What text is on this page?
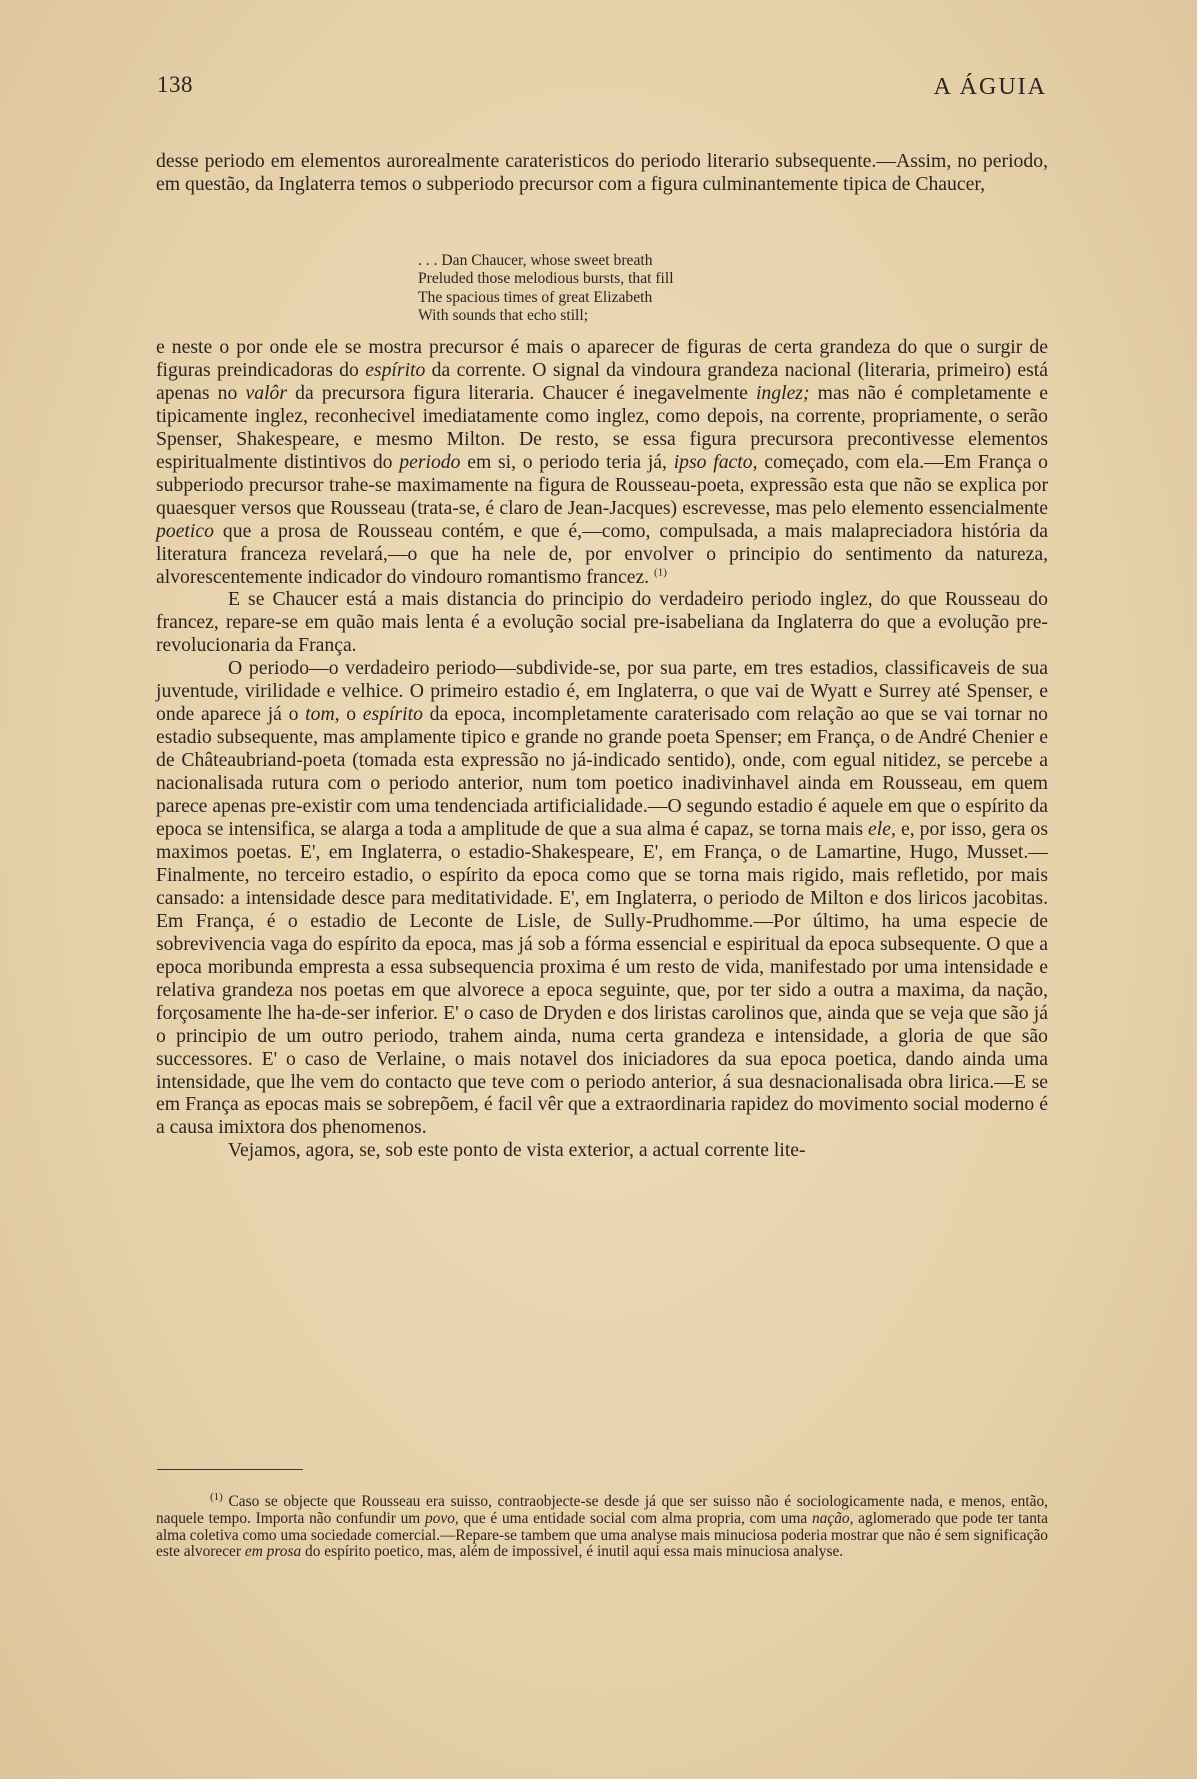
138	A ÁGUIA

desse periodo em elementos aurorealmente carateristicos do periodo literario subsequente.—Assim, no periodo, em questão, da Inglaterra temos o subperiodo precursor com a figura culminantemente tipica de Chaucer,

. . . Dan Chaucer, whose sweet breath
Preluded those melodious bursts, that fill
The spacious times of great Elizabeth
With sounds that echo still;

e neste o por onde ele se mostra precursor é mais o aparecer de figuras de certa grandeza do que o surgir de figuras preindicadoras do espírito da corrente. O signal da vindoura grandeza nacional (literaria, primeiro) está apenas no valôr da precursora figura literaria. Chaucer é inegavelmente inglez; mas não é completamente e tipicamente inglez, reconhecivel imediatamente como inglez, como depois, na corrente, propriamente, o serão Spenser, Shakespeare, e mesmo Milton. De resto, se essa figura precursora precontivesse elementos espiritualmente distintivos do periodo em si, o periodo teria já, ipso facto, começado, com ela.—Em França o subperiodo precursor trahe-se maximamente na figura de Rousseau-poeta, expressão esta que não se explica por quaesquer versos que Rousseau (trata-se, é claro de Jean-Jacques) escrevesse, mas pelo elemento essencialmente poetico que a prosa de Rousseau contém, e que é,—como, compulsada, a mais malapreciadora história da literatura franceza revelará,—o que ha nele de, por envolver o principio do sentimento da natureza, alvorescentemente indicador do vindouro romantismo francez. $^{(1)}$

E se Chaucer está a mais distancia do principio do verdadeiro periodo inglez, do que Rousseau do francez, repare-se em quão mais lenta é a evolução social pre-isabeliana da Inglaterra do que a evolução pre-revolucionaria da França.

O periodo—o verdadeiro periodo—subdivide-se, por sua parte, em tres estadios, classificaveis de sua juventude, virilidade e velhice. O primeiro estadio é, em Inglaterra, o que vai de Wyatt e Surrey até Spenser, e onde aparece já o tom, o espírito da epoca, incompletamente caraterisado com relação ao que se vai tornar no estadio subsequente, mas amplamente tipico e grande no grande poeta Spenser; em França, o de André Chenier e de Châteaubriand-poeta (tomada esta expressão no já-indicado sentido), onde, com egual nitidez, se percebe a nacionalisada rutura com o periodo anterior, num tom poetico inadivinhavel ainda em Rousseau, em quem parece apenas pre-existir com uma tendenciada artificialidade.—O segundo estadio é aquele em que o espírito da epoca se intensifica, se alarga a toda a amplitude de que a sua alma é capaz, se torna mais ele, e, por isso, gera os maximos poetas. E', em Inglaterra, o estadio-Shakespeare, E', em França, o de Lamartine, Hugo, Musset.—Finalmente, no terceiro estadio, o espírito da epoca como que se torna mais rigido, mais refletido, por mais cansado: a intensidade desce para meditatividade. E', em Inglaterra, o periodo de Milton e dos liricos jacobitas. Em França, é o estadio de Leconte de Lisle, de Sully-Prudhomme.—Por último, ha uma especie de sobrevivencia vaga do espírito da epoca, mas já sob a fórma essencial e espiritual da epoca subsequente. O que a epoca moribunda empresta a essa subsequencia proxima é um resto de vida, manifestado por uma intensidade e relativa grandeza nos poetas em que alvorece a epoca seguinte, que, por ter sido a outra a maxima, da nação, forçosamente lhe ha-de-ser inferior. E' o caso de Dryden e dos liristas carolinos que, ainda que se veja que são já o principio de um outro periodo, trahem ainda, numa certa grandeza e intensidade, a gloria de que são successores. E' o caso de Verlaine, o mais notavel dos iniciadores da sua epoca poetica, dando ainda uma intensidade, que lhe vem do contacto que teve com o periodo anterior, á sua desnacionalisada obra lirica.—E se em França as epocas mais se sobrepõem, é facil vêr que a extraordinaria rapidez do movimento social moderno é a causa imixtora dos phenomenos.

Vejamos, agora, se, sob este ponto de vista exterior, a actual corrente lite-

$^{(1)}$ Caso se objecte que Rousseau era suisso, contraobjecte-se desde já que ser suisso não é sociologicamente nada, e menos, então, naquele tempo. Importa não confundir um povo, que é uma entidade social com alma propria, com uma nação, aglomerado que pode ter tanta alma coletiva como uma sociedade comercial.—Repare-se tambem que uma analyse mais minuciosa poderia mostrar que não é sem significação este alvorecer em prosa do espírito poetico, mas, além de impossivel, é inutil aqui essa mais minuciosa analyse.
